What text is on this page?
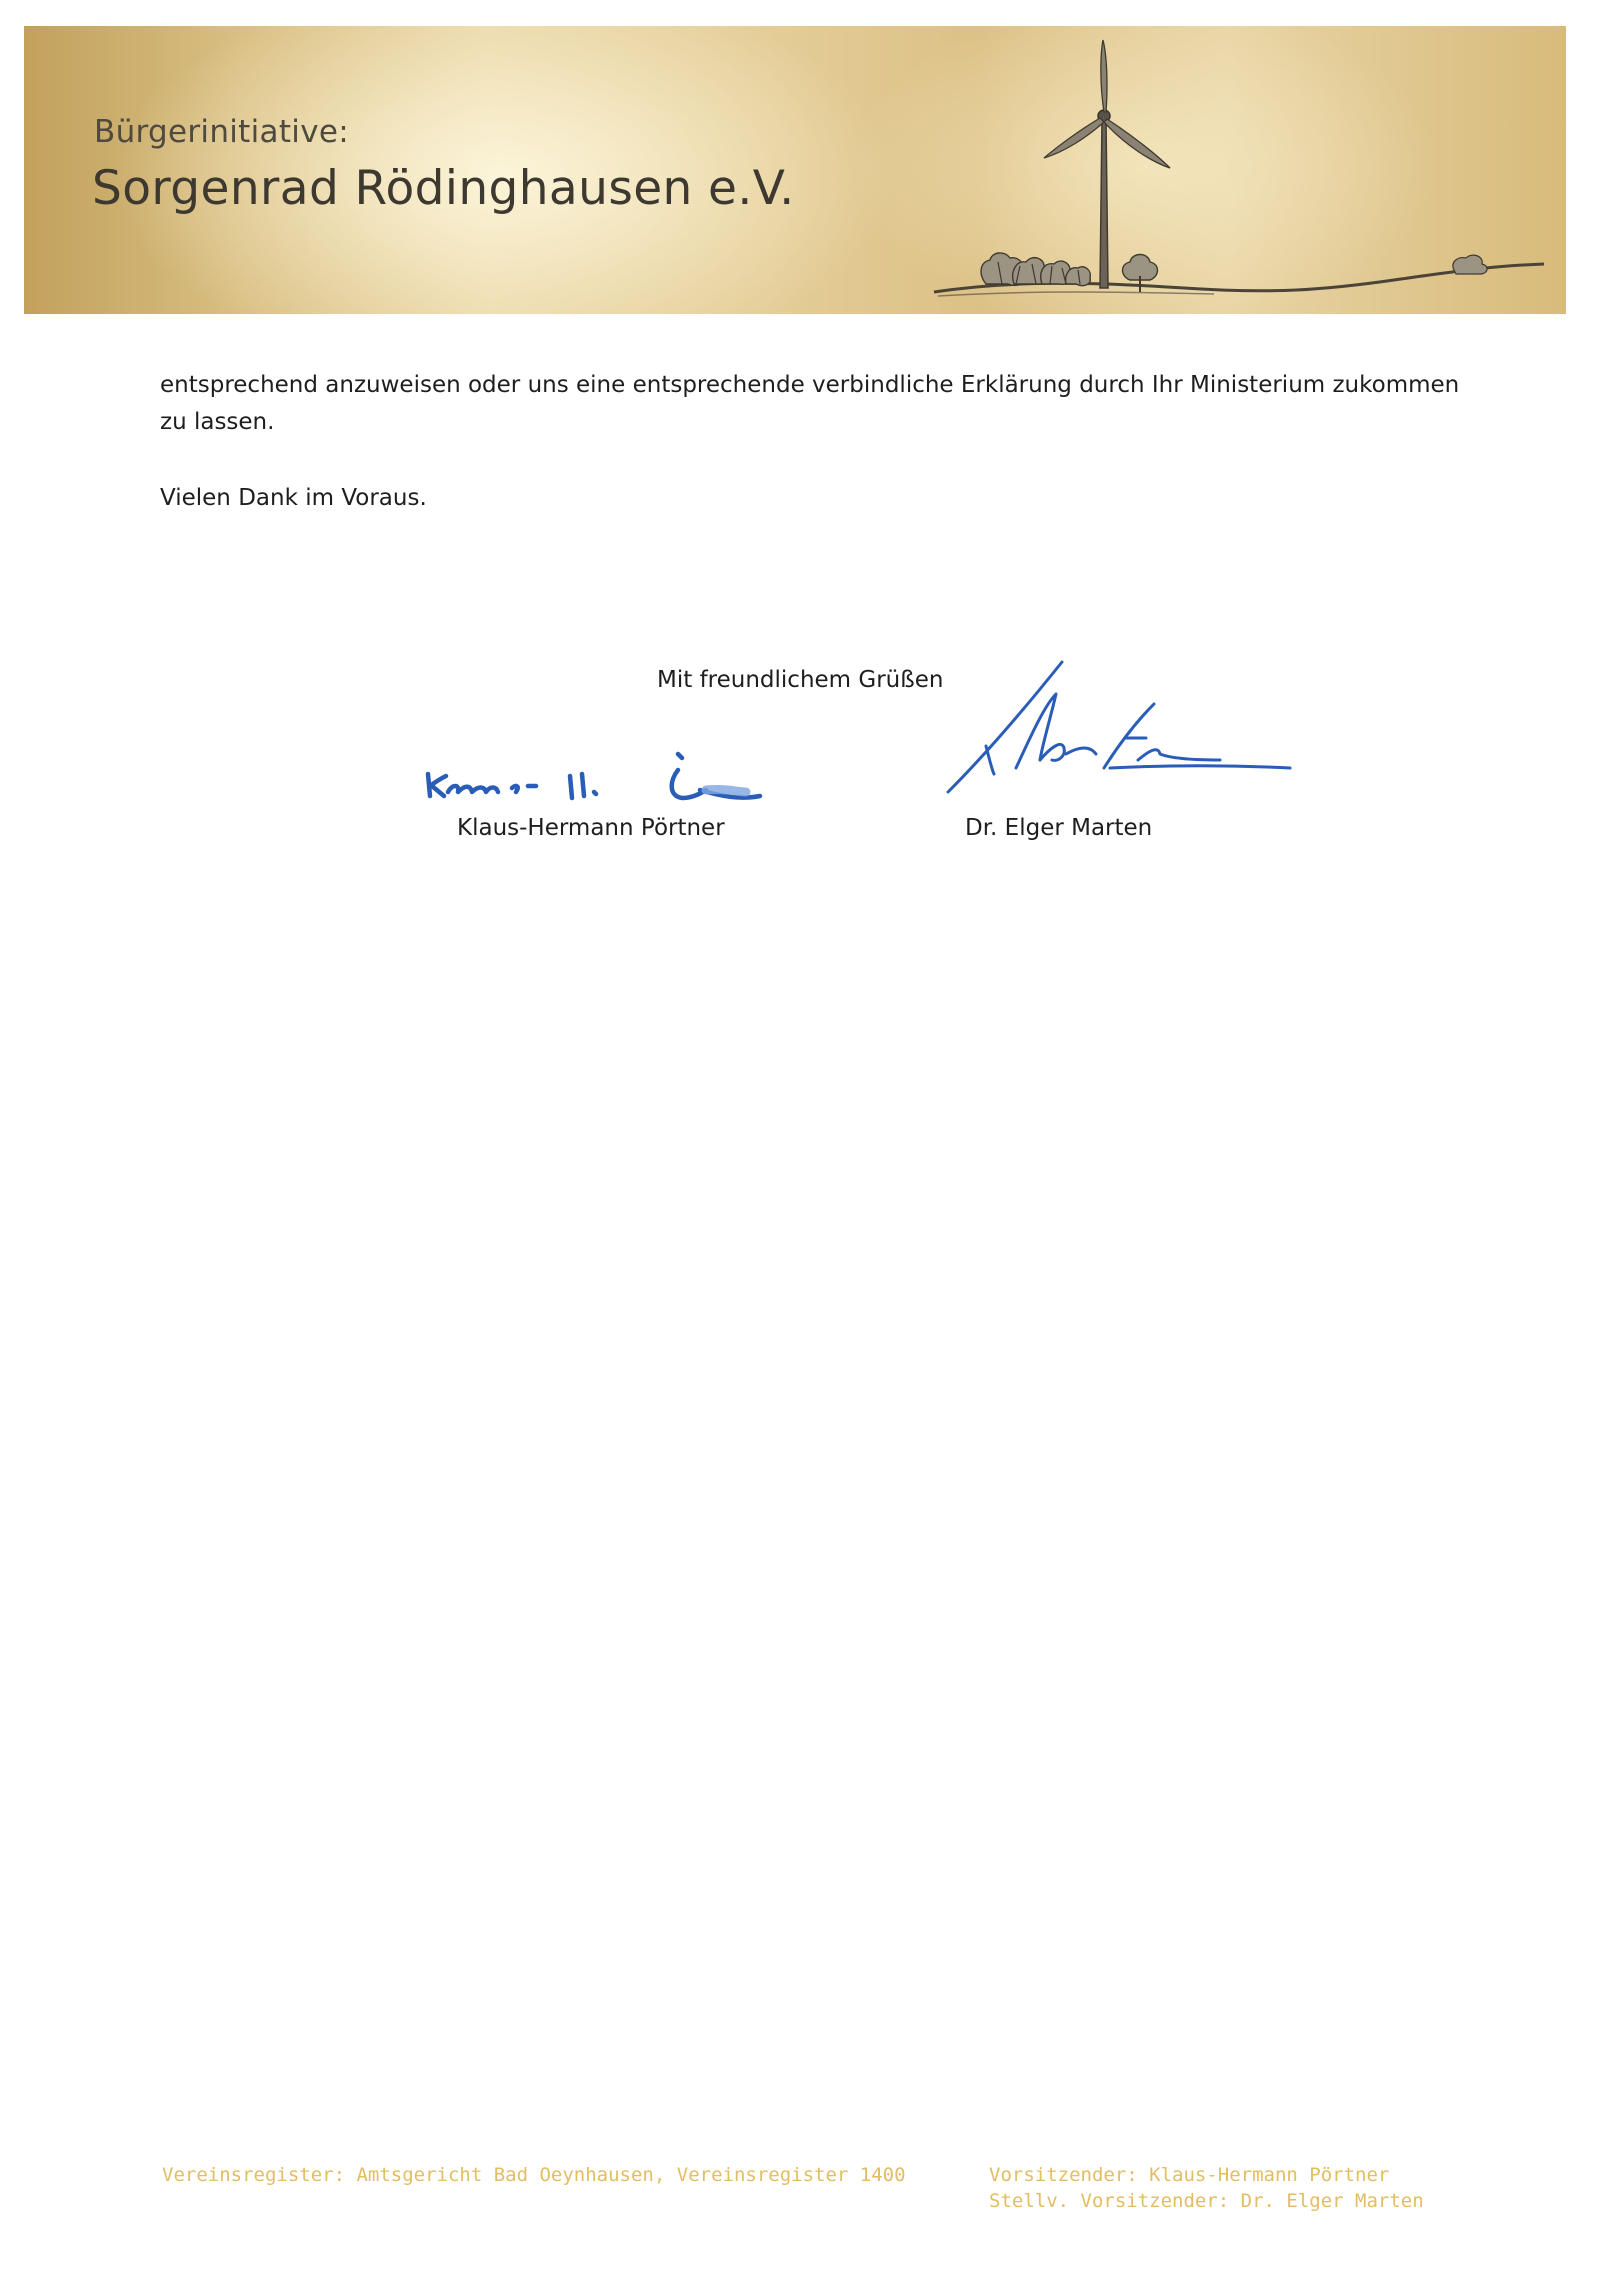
Bürgerinitiative:
Sorgenrad Rödinghausen e.V.

entsprechend anzuweisen oder uns eine entsprechende verbindliche Erklärung durch Ihr Ministerium zukommen zu lassen.

Vielen Dank im Voraus.

Mit freundlichem Grüßen
Klaus-Hermann Pörtner	Dr. Elger Marten
Vereinsregister: Amtsgericht Bad Oeynhausen, Vereinsregister 1400	Vorsitzender: Klaus-Hermann Pörtner
Stellv. Vorsitzender: Dr. Elger Marten
